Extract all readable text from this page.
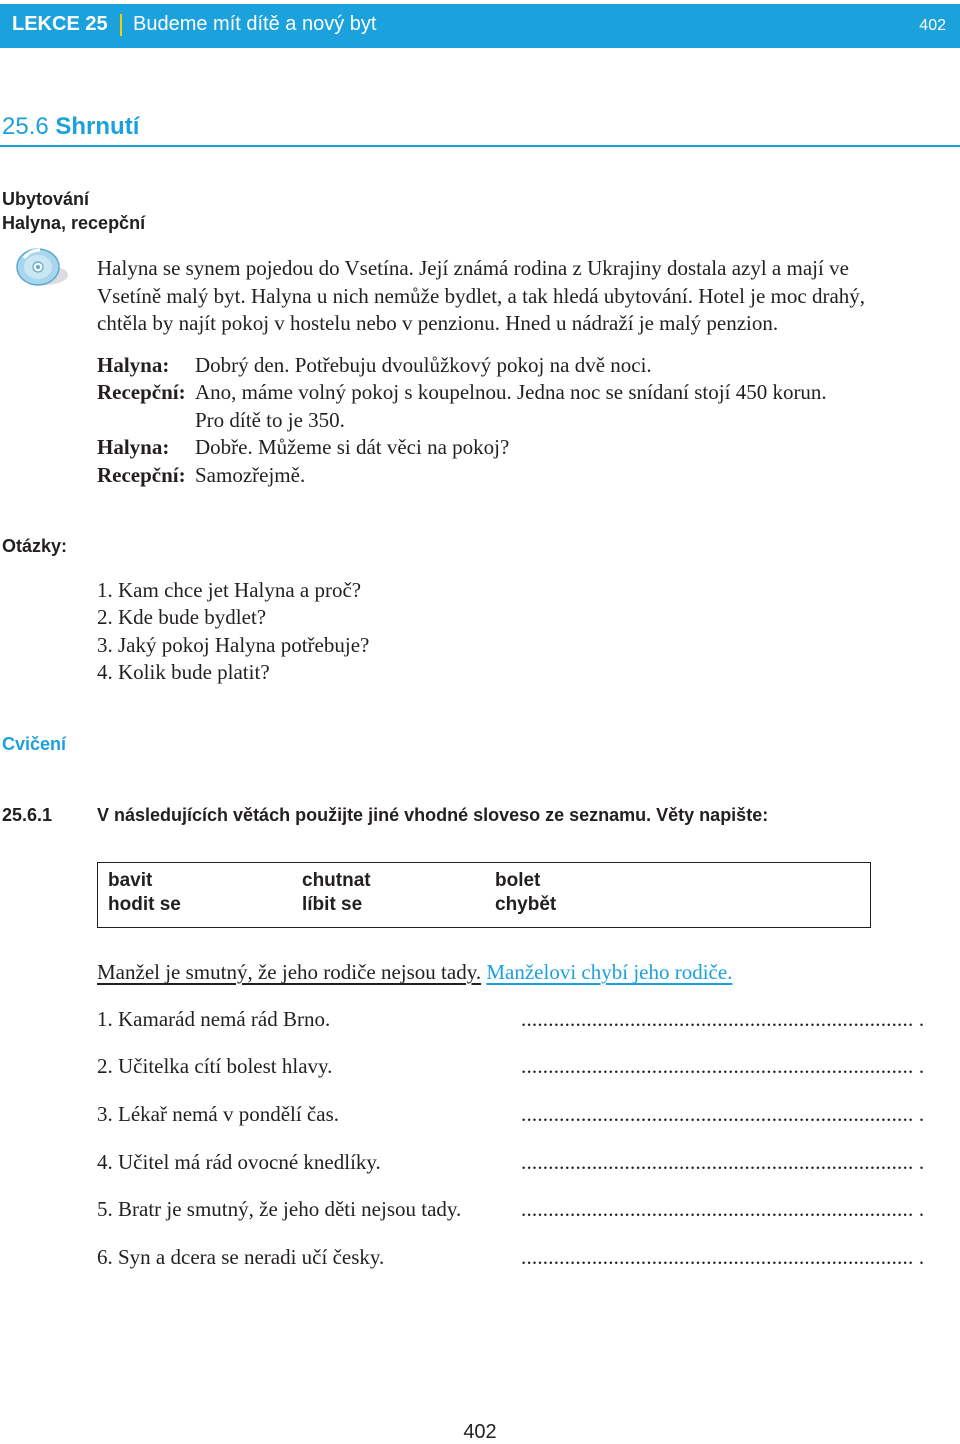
LEKCE 25 Budeme mít dítě a nový byt	402
25.6 Shrnutí
Ubytování
Halyna, recepční
Halyna se synem pojedou do Vsetína. Její známá rodina z Ukrajiny dostala azyl a mají ve
Vsetíně malý byt. Halyna u nich nemůže bydlet, a tak hledá ubytování. Hotel je moc drahý,
chtěla by najít pokoj v hostelu nebo v penzionu. Hned u nádraží je malý penzion.
Halyna: Dobrý den. Potřebuju dvoulůžkový pokoj na dvě noci.
Recepční: Ano, máme volný pokoj s koupelnou. Jedna noc se snídaní stojí 450 korun.
Pro dítě to je 350.
Halyna: Dobře. Můžeme si dát věci na pokoj?
Recepční: Samozřejmě.
Otázky:
1. Kam chce jet Halyna a proč?
2. Kde bude bydlet?
3. Jaký pokoj Halyna potřebuje?
4. Kolik bude platit?
Cvičení
25.6.1 V následujících větách použijte jiné vhodné sloveso ze seznamu. Věty napište:
bavit	chutnat	bolet
hodit se	líbit se	chybět
Manžel je smutný, že jeho rodiče nejsou tady. Manželovi chybí jeho rodiče.
1. Kamarád nemá rád Brno.	........................................................................ .
2. Učitelka cítí bolest hlavy.	........................................................................ .
3. Lékař nemá v pondělí čas.	........................................................................ .
4. Učitel má rád ovocné knedlíky.	........................................................................ .
5. Bratr je smutný, že jeho děti nejsou tady.	........................................................................ .
6. Syn a dcera se neradi učí česky.	........................................................................ .
402
